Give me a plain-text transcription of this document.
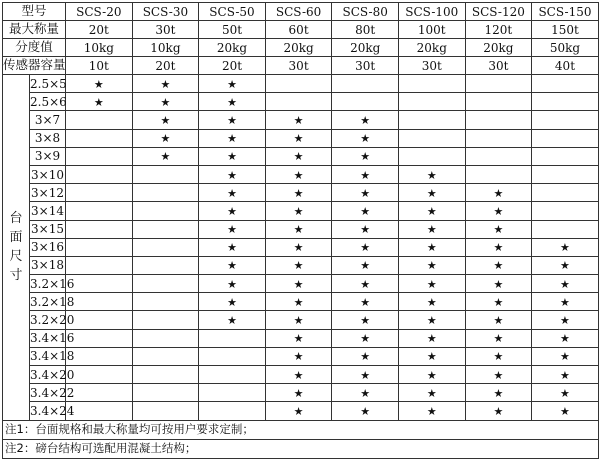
型号		SCS-20	SCS-30	SCS-50	SCS-60	SCS-80	SCS-100	SCS-120	SCS-150
最大称量		20t	30t	50t	60t	80t	100t	120t	150t
分度值		10kg	10kg	20kg	20kg	20kg	20kg	20kg	50kg
传感器容量		10t	20t	20t	30t	30t	30t	30t	40t

台
面
尺
寸	2.5×5	★	★	★					
	2.5×6	★	★	★					
	3×7		★	★	★	★			
	3×8		★	★	★	★			
	3×9		★	★	★	★			
	3×10			★	★	★	★		
	3×12			★	★	★	★	★	
	3×14			★	★	★	★	★	
	3×15			★	★	★	★	★	
	3×16			★	★	★	★	★	★
	3×18			★	★	★	★	★	★
	3.2×16			★	★	★	★	★	★
	3.2×18			★	★	★	★	★	★
	3.2×20			★	★	★	★	★	★
	3.4×16				★	★	★	★	★
	3.4×18				★	★	★	★	★
	3.4×20				★	★	★	★	★
	3.4×22				★	★	★	★	★
	3.4×24				★	★	★	★	★
注1：台面规格和最大称量均可按用户要求定制；									
注2：磅台结构可选配用混凝土结构；									
